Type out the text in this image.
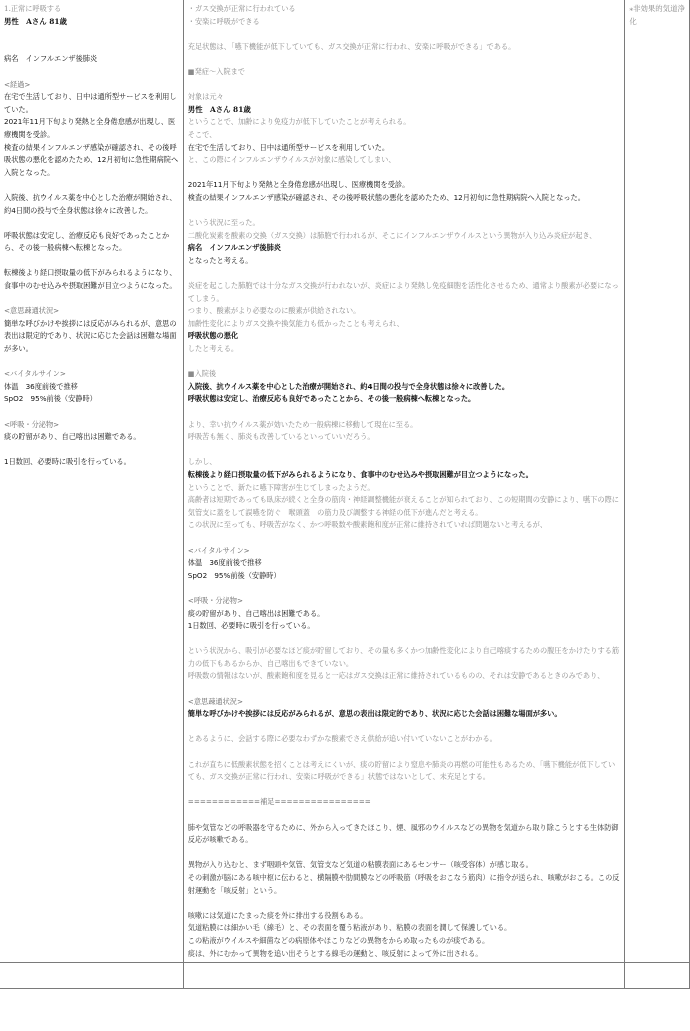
1.正常に呼吸する

男性　Aさん 81歳

病名　インフルエンザ後肺炎

<経過>

在宅で生活しており、日中は通所型サービスを利用していた。

2021年11月下旬より発熱と全身倦怠感が出現し、医療機関を受診。

検査の結果インフルエンザ感染が確認され、その後呼吸状態の悪化を認めたため、12月初旬に急性期病院へ入院となった。

入院後、抗ウイルス薬を中心とした治療が開始され、約4日間の投与で全身状態は徐々に改善した。

呼吸状態は安定し、治療反応も良好であったことから、その後一般病棟へ転棟となった。

転棟後より経口摂取量の低下がみられるようになり、食事中のむせ込みや摂取困難が目立つようになった。

<意思疎通状況>

簡単な呼びかけや挨拶には反応がみられるが、意思の表出は限定的であり、状況に応じた会話は困難な場面が多い。

<バイタルサイン>

体温　36度前後で推移

SpO2　95%前後（安静時）

<呼吸・分泌物>

痰の貯留があり、自己喀出は困難である。

1日数回、必要時に吸引を行っている。

・ガス交換が正常に行われている

・安楽に呼吸ができる

充足状態は、「嚥下機能が低下していても、ガス交換が正常に行われ、安楽に呼吸ができる」である。

■発症〜入院まで

対象は元々

男性　Aさん 81歳

ということで、加齢により免疫力が低下していたことが考えられる。

そこで、

在宅で生活しており、日中は通所型サービスを利用していた。

と、この際にインフルエンザウイルスが対象に感染してしまい、

2021年11月下旬より発熱と全身倦怠感が出現し、医療機関を受診。

検査の結果インフルエンザ感染が確認され、その後呼吸状態の悪化を認めたため、12月初旬に急性期病院へ入院となった。

という状況に至った。

二酸化炭素を酸素の交換（ガス交換）は肺胞で行われるが、そこにインフルエンザウイルスという異物が入り込み炎症が起き、

病名　インフルエンザ後肺炎

となったと考える。

炎症を起こした肺胞では十分なガス交換が行われないが、炎症により発熱し免疫細胞を活性化させるため、通常より酸素が必要になってしまう。

つまり、酸素がより必要なのに酸素が供給されない。

加齢性変化によりガス交換や換気能力も低かったことも考えられ、

呼吸状態の悪化

したと考える。

■入院後

入院後、抗ウイルス薬を中心とした治療が開始され、約4日間の投与で全身状態は徐々に改善した。

呼吸状態は安定し、治療反応も良好であったことから、その後一般病棟へ転棟となった。

より、幸い抗ウイルス薬が効いたため一般病棟に移動して現在に至る。

呼吸苦も無く、肺炎も改善しているといっていいだろう。

しかし、

転棟後より経口摂取量の低下がみられるようになり、食事中のむせ込みや摂取困難が目立つようになった。

ということで、新たに嚥下障害が生じてしまったようだ。

高齢者は短期であっても臥床が続くと全身の筋肉・神経調整機能が衰えることが知られており、この短期間の安静により、嚥下の際に気管支に蓋をして誤嚥を防ぐ　喉頭蓋　の筋力及び調整する神経の低下が進んだと考える。

この状況に至っても、呼吸苦がなく、かつ呼吸数や酸素飽和度が正常に維持されていれば問題ないと考えるが、

<バイタルサイン>

体温　36度前後で推移

SpO2　95%前後（安静時）

<呼吸・分泌物>

痰の貯留があり、自己喀出は困難である。

1日数回、必要時に吸引を行っている。

という状況から、吸引が必要なほど痰が貯留しており、その量も多くかつ加齢性変化により自己喀痰するための腹圧をかけたりする筋力の低下もあるからか、自己喀出もできていない。

呼吸数の情報はないが、酸素飽和度を見ると一応はガス交換は正常に維持されているものの、それは安静であるときのみであり、

<意思疎通状況>

簡単な呼びかけや挨拶には反応がみられるが、意思の表出は限定的であり、状況に応じた会話は困難な場面が多い。

とあるように、会話する際に必要なわずかな酸素でさえ供給が追い付いていないことがわかる。

これが直ちに低酸素状態を招くことは考えにくいが、痰の貯留により窒息や肺炎の再燃の可能性もあるため、「嚥下機能が低下していても、ガス交換が正常に行われ、安楽に呼吸ができる」状態ではないとして、未充足とする。

============補足================

肺や気管などの呼吸器を守るために、外から入ってきたほこり、煙、風邪のウイルスなどの異物を気道から取り除こうとする生体防御反応が咳嗽である。

異物が入り込むと、まず咽頭や気管、気管支など気道の粘膜表面にあるセンサー（咳受容体）が感じ取る。

その刺激が脳にある咳中枢に伝わると、横隔膜や肋間膜などの呼吸筋（呼吸をおこなう筋肉）に指令が送られ、咳嗽がおこる。この反射運動を「咳反射」という。

咳嗽には気道にたまった痰を外に排出する役割もある。

気道粘膜には細かい毛（線毛）と、その表面を覆う粘液があり、粘膜の表面を潤して保護している。

この粘液がウイルスや細菌などの病原体やほこりなどの異物をからめ取ったものが痰である。

痰は、外にむかって異物を追い出そうとする線毛の運動と、咳反射によって外に出される。

⁎非効果的気道浄化
